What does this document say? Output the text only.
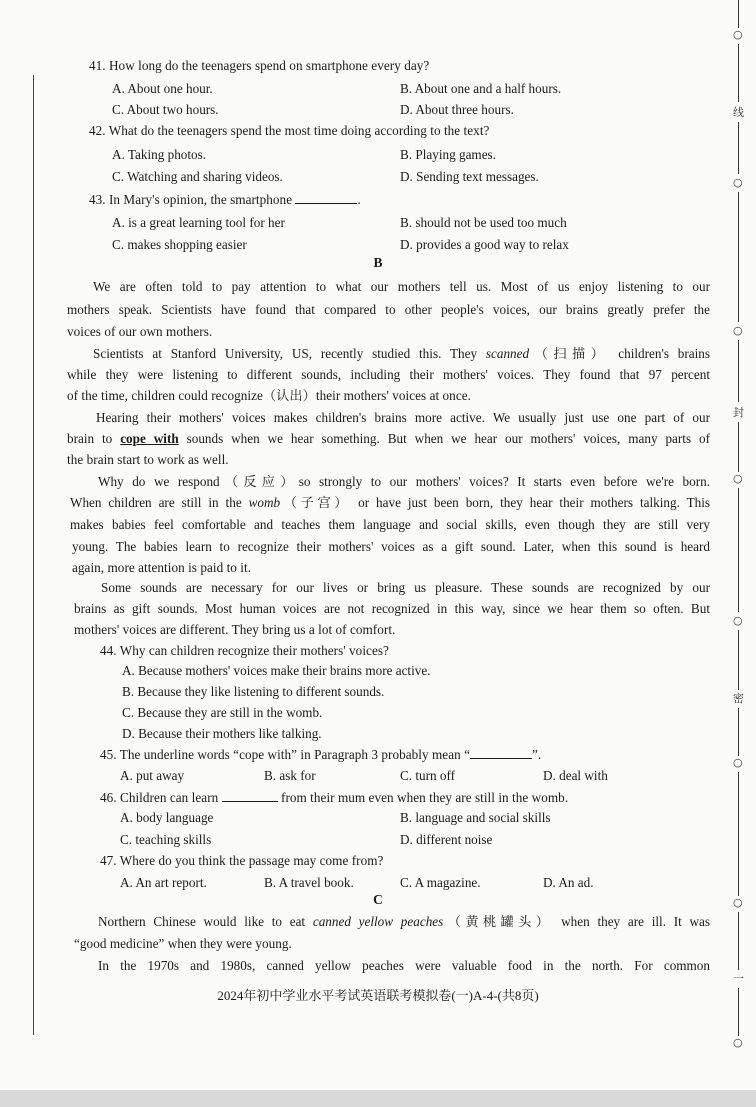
○
线
○
○
封
○
○
密
○
○
一
○
41. How long do the teenagers spend on smartphone every day?
A. About one hour.	B. About one and a half hours.
C. About two hours.	D. About three hours.
42. What do the teenagers spend the most time doing according to the text?
A. Taking photos.	B. Playing games.
C. Watching and sharing videos.	D. Sending text messages.
43. In Mary's opinion, the smartphone	.
A. is a great learning tool for her	B. should not be used too much
C. makes shopping easier	D. provides a good way to relax
B
We are often told to pay attention to what our mothers tell us. Most of us enjoy listening to our
mothers speak. Scientists have found that compared to other people's voices, our brains greatly prefer the
voices of our own mothers.
Scientists at Stanford University, US, recently studied this. They scanned（扫描） children's brains
while they were listening to different sounds, including their mothers' voices. They found that 97 percent
of the time, children could recognize（认出）their mothers' voices at once.
Hearing their mothers' voices makes children's brains more active. We usually just use one part of our
brain to cope with sounds when we hear something. But when we hear our mothers' voices, many parts of
the brain start to work as well.
Why do we respond（反应）so strongly to our mothers' voices? It starts even before we're born.
When children are still in the womb（子宫） or have just been born, they hear their mothers talking. This
makes babies feel comfortable and teaches them language and social skills, even though they are still very
young. The babies learn to recognize their mothers' voices as a gift sound. Later, when this sound is heard
again, more attention is paid to it.
Some sounds are necessary for our lives or bring us pleasure. These sounds are recognized by our
brains as gift sounds. Most human voices are not recognized in this way, since we hear them so often. But
mothers' voices are different. They bring us a lot of comfort.
44. Why can children recognize their mothers' voices?
A. Because mothers' voices make their brains more active.
B. Because they like listening to different sounds.
C. Because they are still in the womb.
D. Because their mothers like talking.
45. The underline words “cope with” in Paragraph 3 probably mean “	”.
A. put away	B. ask for	C. turn off	D. deal with
46. Children can learn	from their mum even when they are still in the womb.
A. body language	B. language and social skills
C. teaching skills	D. different noise
47. Where do you think the passage may come from?
A. An art report.	B. A travel book.	C. A magazine.	D. An ad.
C
Northern Chinese would like to eat canned yellow peaches（黄桃罐头） when they are ill. It was
“good medicine” when they were young.
In the 1970s and 1980s, canned yellow peaches were valuable food in the north. For common
2024年初中学业水平考试英语联考模拟卷(一)A-4-(共8页)
